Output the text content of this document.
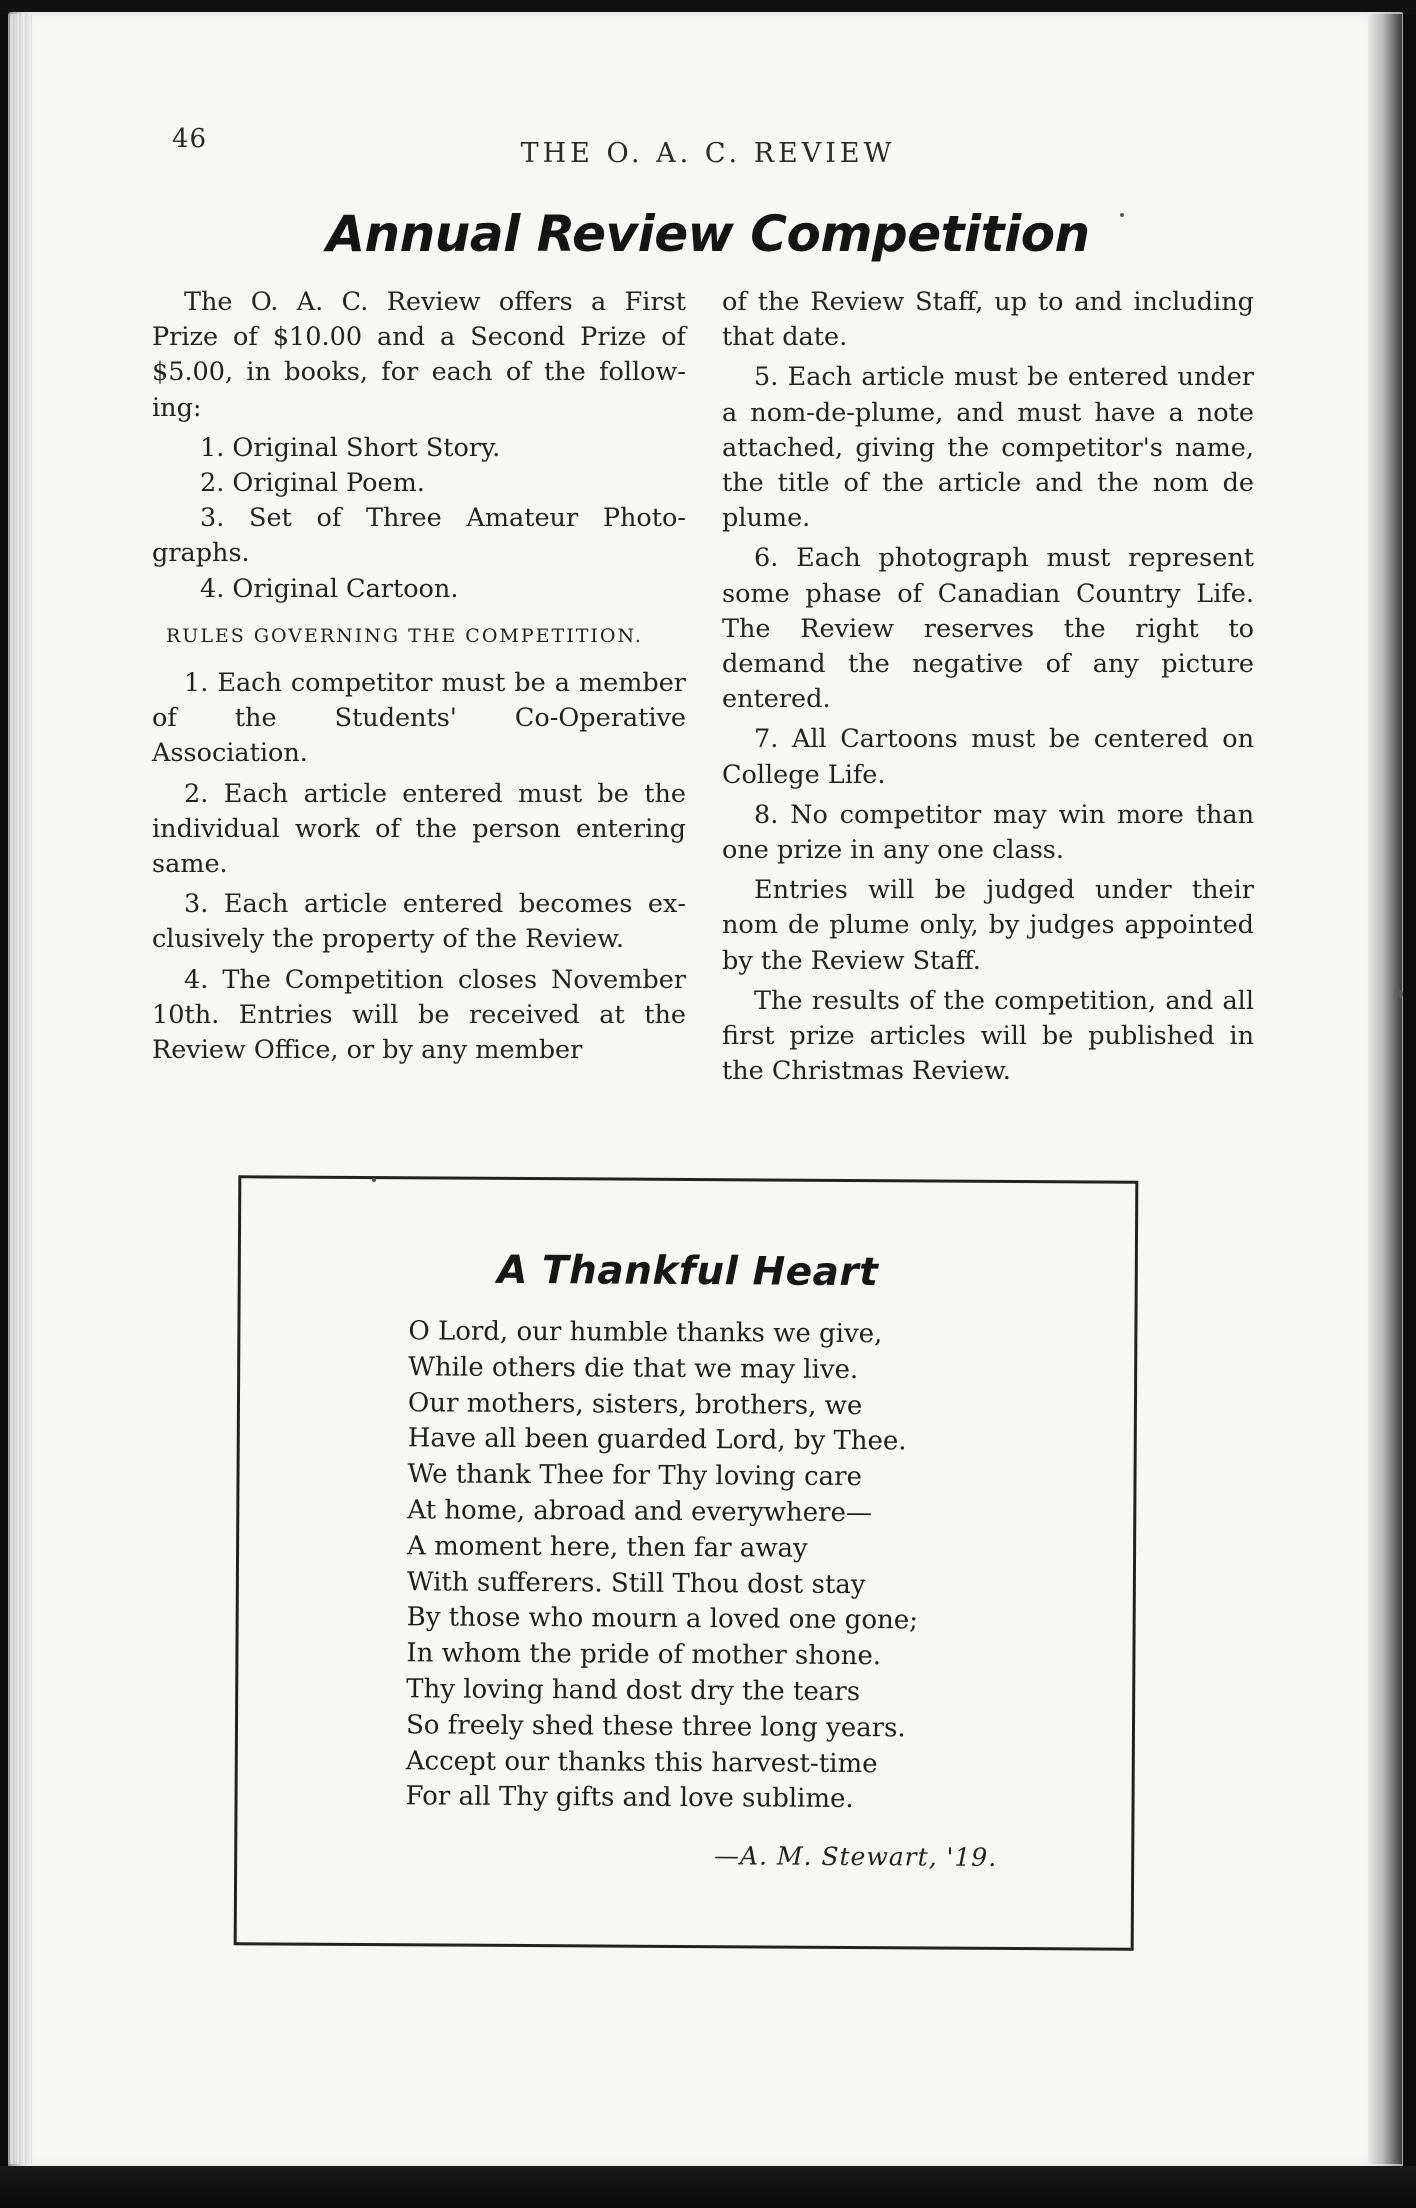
46	THE O. A. C. REVIEW
Annual Review Competition

The O. A. C. Review offers a First Prize of $10.00 and a Second Prize of $5.00, in books, for each of the following:

1. Original Short Story.

2. Original Poem.

3. Set of Three Amateur Photographs.

4. Original Cartoon.

RULES GOVERNING THE COMPETITION.

1. Each competitor must be a member of the Students' Co-Operative Association.

2. Each article entered must be the individual work of the person entering same.

3. Each article entered becomes exclusively the property of the Review.

4. The Competition closes November 10th. Entries will be received at the Review Office, or by any member

of the Review Staff, up to and including that date.

5. Each article must be entered under a nom-de-plume, and must have a note attached, giving the competitor's name, the title of the article and the nom de plume.

6. Each photograph must represent some phase of Canadian Country Life. The Review reserves the right to demand the negative of any picture entered.

7. All Cartoons must be centered on College Life.

8. No competitor may win more than one prize in any one class.

Entries will be judged under their nom de plume only, by judges appointed by the Review Staff.

The results of the competition, and all first prize articles will be published in the Christmas Review.

A Thankful Heart
O Lord, our humble thanks we give,
While others die that we may live.
Our mothers, sisters, brothers, we
Have all been guarded Lord, by Thee.
We thank Thee for Thy loving care
At home, abroad and everywhere—
A moment here, then far away
With sufferers. Still Thou dost stay
By those who mourn a loved one gone;
In whom the pride of mother shone.
Thy loving hand dost dry the tears
So freely shed these three long years.
Accept our thanks this harvest-time
For all Thy gifts and love sublime.
—A. M. Stewart, '19.
